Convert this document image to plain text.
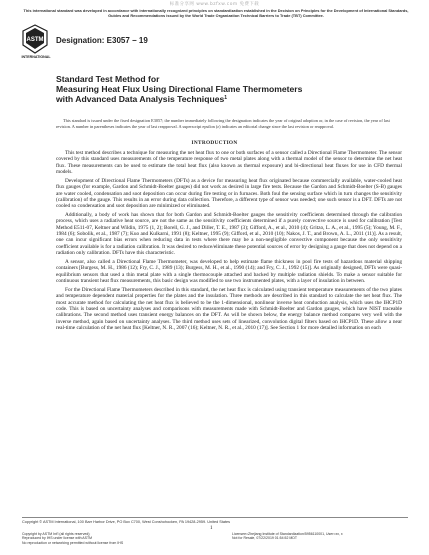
标准分享网 www.bzfxw.com 免费下载
This international standard was developed in accordance with internationally recognized principles on standardization established in the Decision on Principles for the Development of International Standards, Guides and Recommendations issued by the World Trade Organization Technical Barriers to Trade (TBT) Committee.
ASTM
INTERNATIONAL
Designation: E3057 − 19
Standard Test Method for
Measuring Heat Flux Using Directional Flame Thermometers
with Advanced Data Analysis Techniques$^1$
This standard is issued under the fixed designation E3057; the number immediately following the designation indicates the year of original adoption or, in the case of revision, the year of last revision. A number in parentheses indicates the year of last reapproval. A superscript epsilon (ε) indicates an editorial change since the last revision or reapproval.
INTRODUCTION

This test method describes a technique for measuring the net heat flux to one or both surfaces of a sensor called a Directional Flame Thermometer. The sensor covered by this standard uses measurements of the temperature response of two metal plates along with a thermal model of the sensor to determine the net heat flux. These measurements can be used to estimate the total heat flux (also known as thermal exposure) and bi-directional heat fluxes for use in CFD thermal models.

Development of Directional Flame Thermometers (DFTs) as a device for measuring heat flux originated because commercially available, water-cooled heat flux gauges (for example, Gardon and Schmidt-Boelter gauges) did not work as desired in large fire tests. Because the Gardon and Schmidt-Boelter (S-B) gauges are water cooled, condensation and soot deposition can occur during fire testing or in furnaces. Both foul the sensing surface which in turn changes the sensitivity (calibration) of the gauge. This results in an error during data collection. Therefore, a different type of sensor was needed; one such sensor is a DFT. DFTs are not cooled so condensation and soot deposition are minimized or eliminated.

Additionally, a body of work has shown that for both Gardon and Schmidt-Boelter gauges the sensitivity coefficients determined through the calibration process, which uses a radiative heat source, are not the same as the sensitivity coefficients determined if a purely convective source is used for calibration [Test Method E511-07, Keltner and Wildin, 1975 (1, 2); Borell, G. J., and Diller, T. E., 1987 (3); Gifford, A., et al., 2010 (4); Gritzo, L. A., et al., 1995 (5); Young, M. F., 1984 (6); Sobolik, et al., 1987 (7); Kuo and Kulkarni, 1991 (8); Keltner, 1995 (9); Gifford, et al., 2010 (10); Nakos, J. T., and Brown, A. L., 2011 (11)]. As a result, one can incur significant bias errors when reducing data in tests where there may be a non-negligible convective component because the only sensitivity coefficient available is for a radiation calibration. It was desired to reduce/eliminate these potential sources of error by designing a gauge that does not depend on a radiation only calibration. DFTs have this characteristic.

A sensor, also called a Directional Flame Thermometer, was developed to help estimate flame thickness in pool fire tests of hazardous material shipping containers [Burgess, M. H., 1986 (12); Fry, C. J., 1989 (13); Burgess, M. H., et al., 1990 (14); and Fry, C. J., 1992 (15)]. As originally designed, DFTs were quasi-equilibrium sensors that used a thin metal plate with a single thermocouple attached and backed by multiple radiation shields. To make a sensor suitable for continuous transient heat flux measurements, this basic design was modified to use two instrumented plates, with a layer of insulation in between.

For the Directional Flame Thermometers described in this standard, the net heat flux is calculated using transient temperature measurements of the two plates and temperature dependent material properties for the plates and the insulation. Three methods are described in this standard to calculate the net heat flux. The most accurate method for calculating the net heat flux is believed to be the 1-dimensional, nonlinear inverse heat conduction analysis, which uses the IHCP1D code. This is based on uncertainty analyses and comparisons with measurements made with Schmidt-Boelter and Gardon gauges, which have NIST traceable calibrations. The second method uses transient energy balances on the DFT. As will be shown below, the energy balance method compares very well with the inverse method, again based on uncertainty analyses. The third method uses sets of linearized, convolution digital filters based on IHCP1D. These allow a near real-time calculation of the net heat flux [Keltner, N. R., 2007 (16); Keltner, N. R., et al., 2010 (17)]. See Section 1 for more detailed information on each

Copyright © ASTM International, 100 Barr Harbor Drive, PO Box C700, West Conshohocken, PA 19428-2959. United States
1
Copyright by ASTM Int'l (all rights reserved);
Reproduced by IHS under license with ASTM
No reproduction or networking permitted without license from IHS
Licensee=Zhejiang Institute of Standardization/5956110001, User=xx, x
Not for Resale, 07/22/2019 01:54:52 MDT
